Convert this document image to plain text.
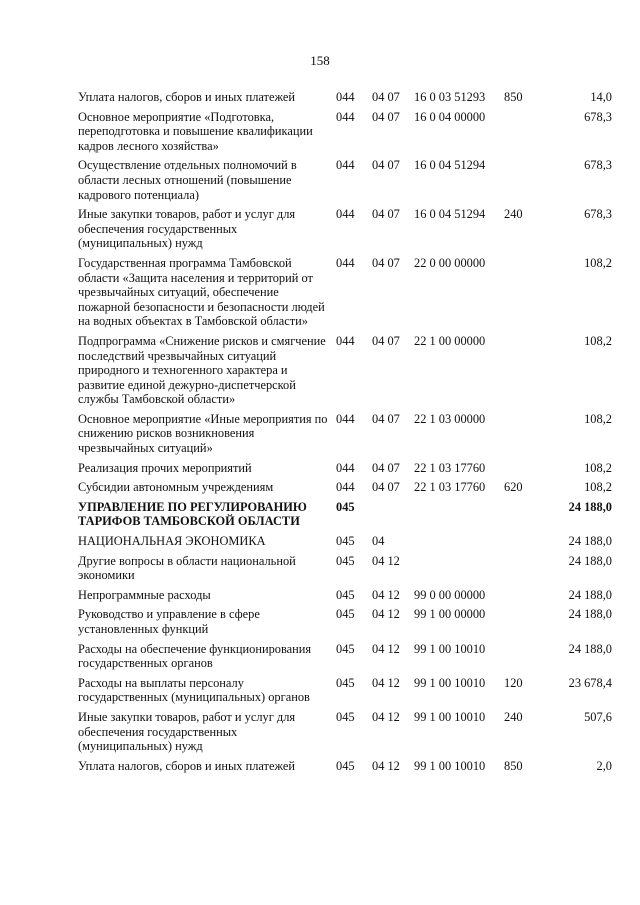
158
Уплата налогов, сборов и иных платежей	044	04 07	16 0 03 51293	850	14,0
Основное мероприятие «Подготовка, переподготовка и повышение квалификации кадров лесного хозяйства»	044	04 07	16 0 04 00000		678,3
Осуществление отдельных полномочий в области лесных отношений (повышение кадрового потенциала)	044	04 07	16 0 04 51294		678,3
Иные закупки товаров, работ и услуг для обеспечения государственных (муниципальных) нужд	044	04 07	16 0 04 51294	240	678,3
Государственная программа Тамбовской области «Защита населения и территорий от чрезвычайных ситуаций, обеспечение пожарной безопасности и безопасности людей на водных объектах в Тамбовской области»	044	04 07	22 0 00 00000		108,2
Подпрограмма «Снижение рисков и смягчение последствий чрезвычайных ситуаций природного и техногенного характера и развитие единой дежурно-диспетчерской службы Тамбовской области»	044	04 07	22 1 00 00000		108,2
Основное мероприятие «Иные мероприятия по снижению рисков возникновения чрезвычайных ситуаций»	044	04 07	22 1 03 00000		108,2
Реализация прочих мероприятий	044	04 07	22 1 03 17760		108,2
Субсидии автономным учреждениям	044	04 07	22 1 03 17760	620	108,2
УПРАВЛЕНИЕ ПО РЕГУЛИРОВАНИЮ ТАРИФОВ ТАМБОВСКОЙ ОБЛАСТИ	045				24 188,0
НАЦИОНАЛЬНАЯ ЭКОНОМИКА	045	04			24 188,0
Другие вопросы в области национальной экономики	045	04 12			24 188,0
Непрограммные расходы	045	04 12	99 0 00 00000		24 188,0
Руководство и управление в сфере установленных функций	045	04 12	99 1 00 00000		24 188,0
Расходы на обеспечение функционирования государственных органов	045	04 12	99 1 00 10010		24 188,0
Расходы на выплаты персоналу государственных (муниципальных) органов	045	04 12	99 1 00 10010	120	23 678,4
Иные закупки товаров, работ и услуг для обеспечения государственных (муниципальных) нужд	045	04 12	99 1 00 10010	240	507,6
Уплата налогов, сборов и иных платежей	045	04 12	99 1 00 10010	850	2,0
